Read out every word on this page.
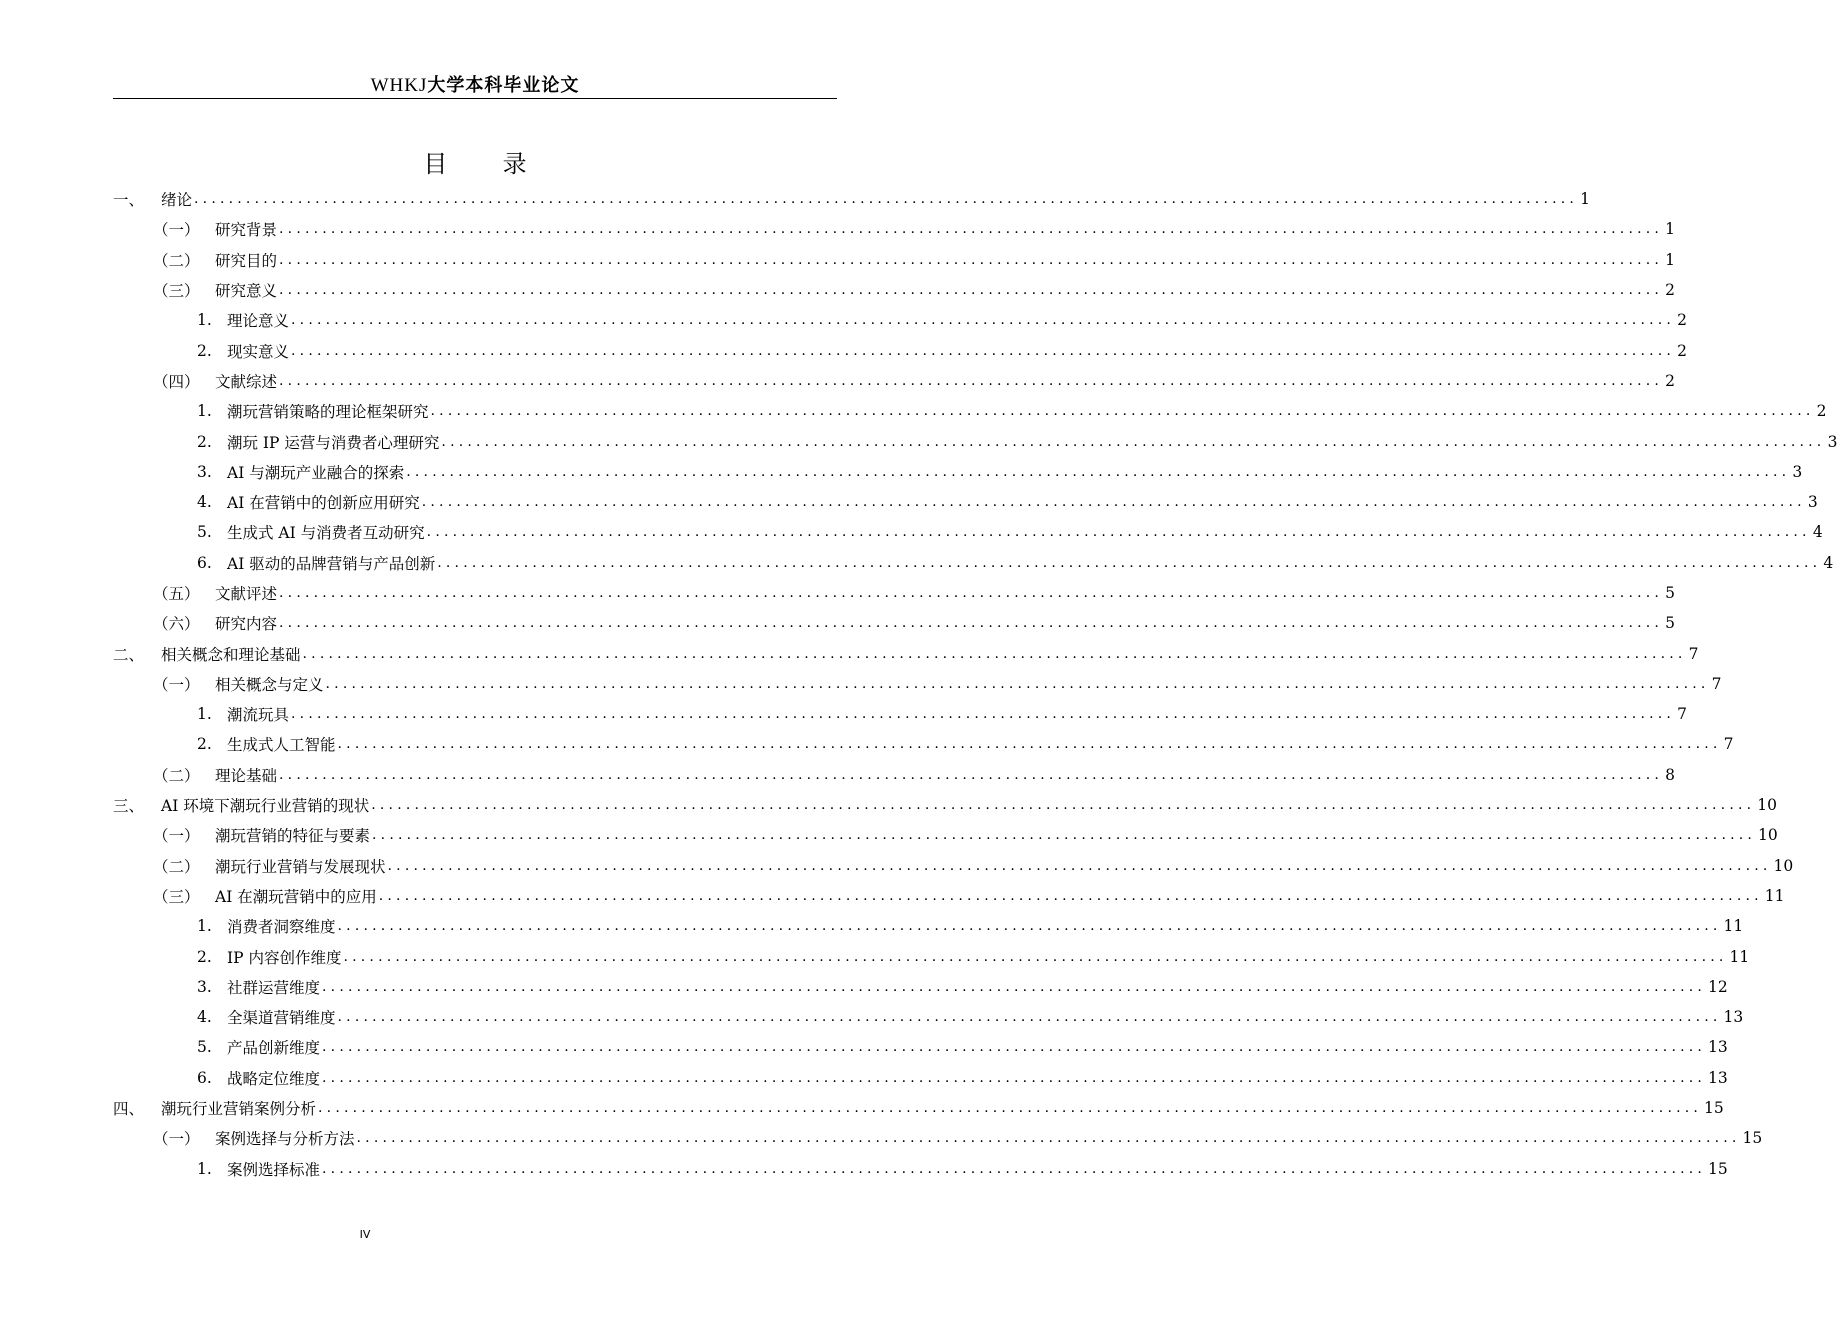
WHKJ大学本科毕业论文
目 录
一、	绪论 ................................................................................................................................................................ 1
（一） 研究背景 ................................................................................................................................................................ 1
（二） 研究目的 ................................................................................................................................................................ 1
（三） 研究意义 ................................................................................................................................................................ 2
1. 理论意义 ................................................................................................................................................................ 2
2. 现实意义 ................................................................................................................................................................ 2
（四） 文献综述 ................................................................................................................................................................ 2
1. 潮玩营销策略的理论框架研究 ................................................................................................................................................................ 2
2. 潮玩 IP 运营与消费者心理研究 ................................................................................................................................................................ 3
3. AI 与潮玩产业融合的探索 ................................................................................................................................................................ 3
4. AI 在营销中的创新应用研究 ................................................................................................................................................................ 3
5. 生成式 AI 与消费者互动研究 ................................................................................................................................................................ 4
6. AI 驱动的品牌营销与产品创新 ................................................................................................................................................................ 4
（五） 文献评述 ................................................................................................................................................................ 5
（六） 研究内容 ................................................................................................................................................................ 5
二、	相关概念和理论基础 ................................................................................................................................................................ 7
（一） 相关概念与定义 ................................................................................................................................................................ 7
1. 潮流玩具 ................................................................................................................................................................ 7
2. 生成式人工智能 ................................................................................................................................................................ 7
（二） 理论基础 ................................................................................................................................................................ 8
三、	AI 环境下潮玩行业营销的现状 ................................................................................................................................................................ 10
（一） 潮玩营销的特征与要素 ................................................................................................................................................................ 10
（二） 潮玩行业营销与发展现状 ................................................................................................................................................................ 10
（三） AI 在潮玩营销中的应用 ................................................................................................................................................................ 11
1. 消费者洞察维度 ................................................................................................................................................................ 11
2. IP 内容创作维度 ................................................................................................................................................................ 11
3. 社群运营维度 ................................................................................................................................................................ 12
4. 全渠道营销维度 ................................................................................................................................................................ 13
5. 产品创新维度 ................................................................................................................................................................ 13
6. 战略定位维度 ................................................................................................................................................................ 13
四、	潮玩行业营销案例分析 ................................................................................................................................................................ 15
（一） 案例选择与分析方法 ................................................................................................................................................................ 15
1. 案例选择标准 ................................................................................................................................................................ 15
IV
